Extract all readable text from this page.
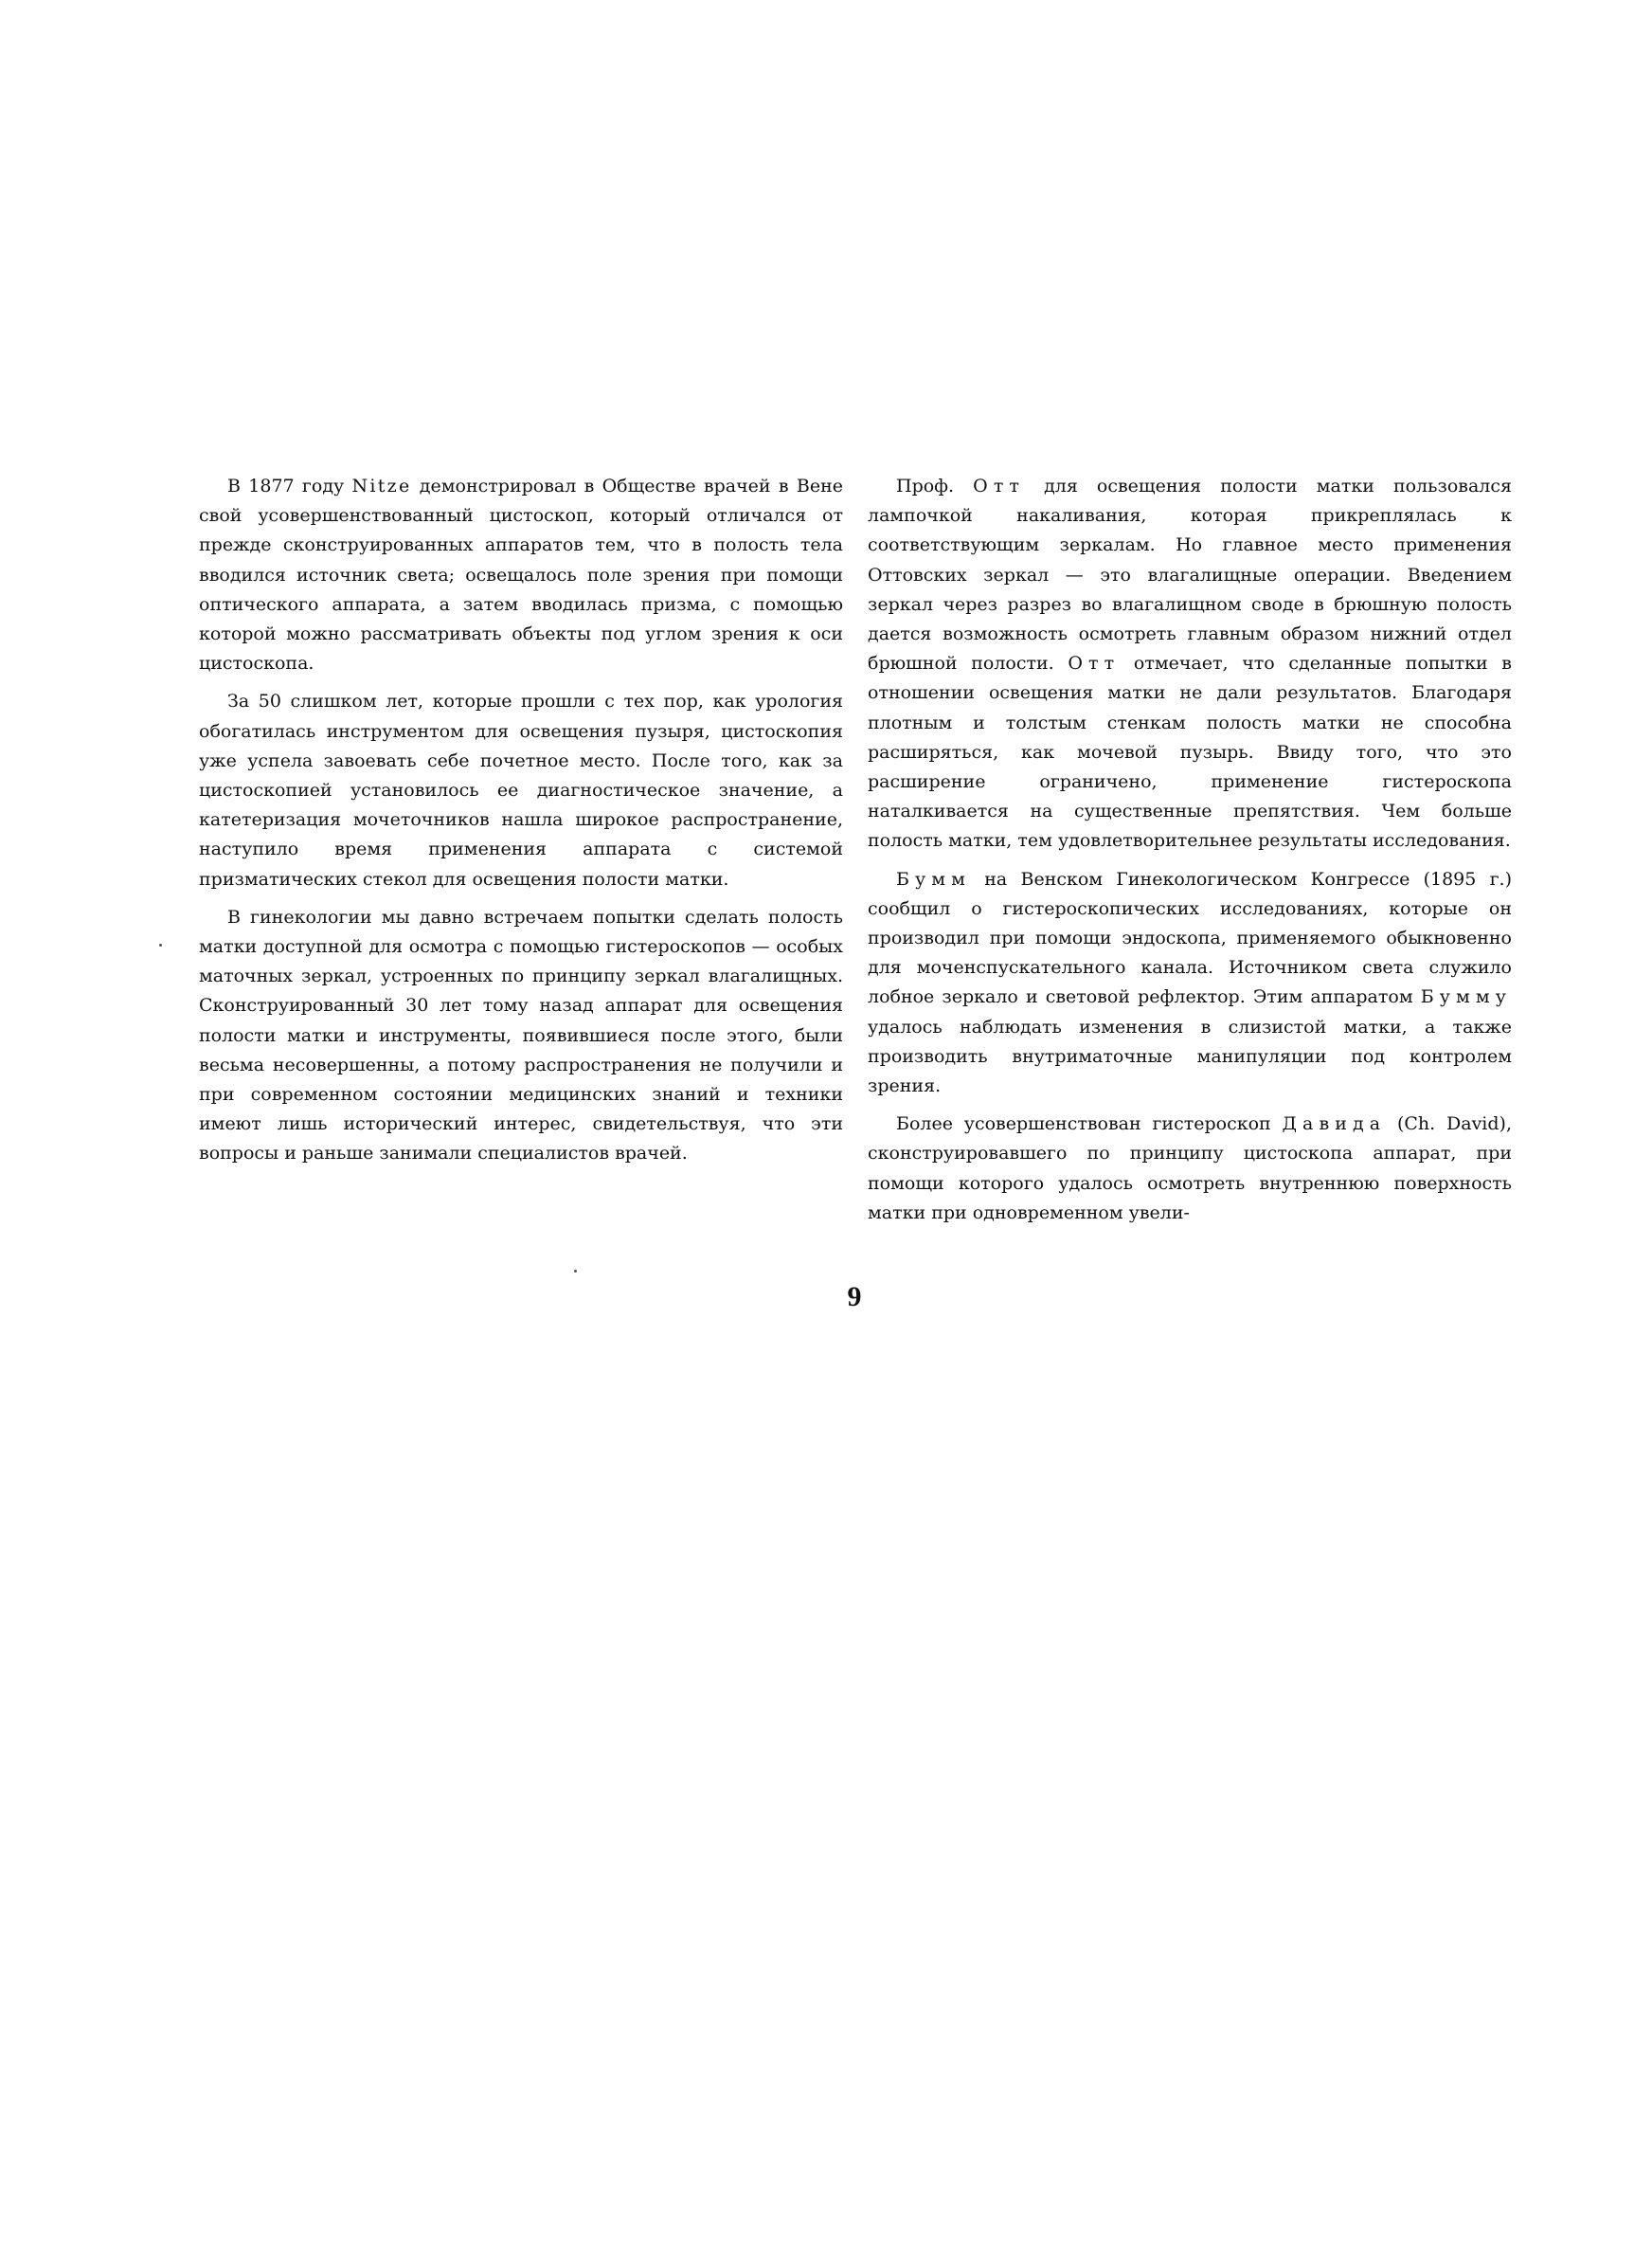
В 1877 году Nitze демонстрировал в Обществе врачей в Вене свой усовершенствованный цистоскоп, который отличался от прежде сконструированных аппаратов тем, что в полость тела вводился источник света; освещалось поле зрения при помощи оптического аппарата, а затем вводилась призма, с помощью которой можно рассматривать объекты под углом зрения к оси цистоскопа.

За 50 слишком лет, которые прошли с тех пор, как урология обогатилась инструментом для освещения пузыря, цистоскопия уже успела завоевать себе почетное место. После того, как за цистоскопией установилось ее диагностическое значение, а катетеризация мочеточников нашла широкое распространение, наступило время применения аппарата с системой призматических стекол для освещения полости матки.

В гинекологии мы давно встречаем попытки сделать полость матки доступной для осмотра с помощью гистероскопов — особых маточных зеркал, устроенных по принципу зеркал влагалищных. Сконструированный 30 лет тому назад аппарат для освещения полости матки и инструменты, появившиеся после этого, были весьма несовершенны, а потому распространения не получили и при современном состоянии медицинских знаний и техники имеют лишь исторический интерес, свидетельствуя, что эти вопросы и раньше занимали специалистов врачей.

Проф. Отт для освещения полости матки пользовался лампочкой накаливания, которая прикреплялась к соответствующим зеркалам. Но главное место применения Оттовских зеркал — это влагалищные операции. Введением зеркал через разрез во влагалищном своде в брюшную полость дается возможность осмотреть главным образом нижний отдел брюшной полости. Отт отмечает, что сделанные попытки в отношении освещения матки не дали результатов. Благодаря плотным и толстым стенкам полость матки не способна расширяться, как мочевой пузырь. Ввиду того, что это расширение ограничено, применение гистероскопа наталкивается на существенные препятствия. Чем больше полость матки, тем удовлетворительнее результаты исследования.

Бумм на Венском Гинекологическом Конгрессе (1895 г.) сообщил о гистероскопических исследованиях, которые он производил при помощи эндоскопа, применяемого обыкновенно для моченспускательного канала. Источником света служило лобное зеркало и световой рефлектор. Этим аппаратом Бумму удалось наблюдать изменения в слизистой матки, а также производить внутриматочные манипуляции под контролем зрения.

Более усовершенствован гистероскоп Давида (Ch. David), сконструировавшего по принципу цистоскопа аппарат, при помощи которого удалось осмотреть внутреннюю поверхность матки при одновременном увели-

9
